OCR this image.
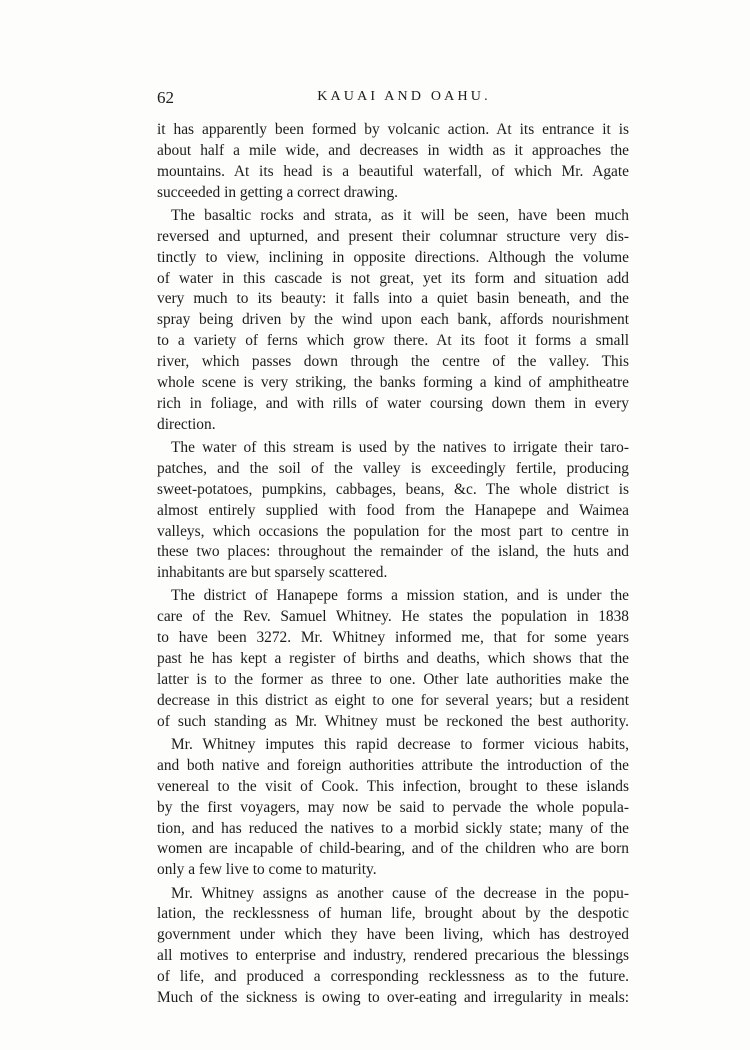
62	KAUAI AND OAHU.

it has apparently been formed by volcanic action. At its entrance it is
about half a mile wide, and decreases in width as it approaches the
mountains. At its head is a beautiful waterfall, of which Mr. Agate
succeeded in getting a correct drawing.

The basaltic rocks and strata, as it will be seen, have been much
reversed and upturned, and present their columnar structure very dis-
tinctly to view, inclining in opposite directions. Although the volume
of water in this cascade is not great, yet its form and situation add
very much to its beauty: it falls into a quiet basin beneath, and the
spray being driven by the wind upon each bank, affords nourishment
to a variety of ferns which grow there. At its foot it forms a small
river, which passes down through the centre of the valley. This
whole scene is very striking, the banks forming a kind of amphitheatre
rich in foliage, and with rills of water coursing down them in every
direction.

The water of this stream is used by the natives to irrigate their taro-
patches, and the soil of the valley is exceedingly fertile, producing
sweet-potatoes, pumpkins, cabbages, beans, &c. The whole district is
almost entirely supplied with food from the Hanapepe and Waimea
valleys, which occasions the population for the most part to centre in
these two places: throughout the remainder of the island, the huts and
inhabitants are but sparsely scattered.

The district of Hanapepe forms a mission station, and is under the
care of the Rev. Samuel Whitney. He states the population in 1838
to have been 3272. Mr. Whitney informed me, that for some years
past he has kept a register of births and deaths, which shows that the
latter is to the former as three to one. Other late authorities make the
decrease in this district as eight to one for several years; but a resident
of such standing as Mr. Whitney must be reckoned the best authority.

Mr. Whitney imputes this rapid decrease to former vicious habits,
and both native and foreign authorities attribute the introduction of the
venereal to the visit of Cook. This infection, brought to these islands
by the first voyagers, may now be said to pervade the whole popula-
tion, and has reduced the natives to a morbid sickly state; many of the
women are incapable of child-bearing, and of the children who are born
only a few live to come to maturity.

Mr. Whitney assigns as another cause of the decrease in the popu-
lation, the recklessness of human life, brought about by the despotic
government under which they have been living, which has destroyed
all motives to enterprise and industry, rendered precarious the blessings
of life, and produced a corresponding recklessness as to the future.
Much of the sickness is owing to over-eating and irregularity in meals:
